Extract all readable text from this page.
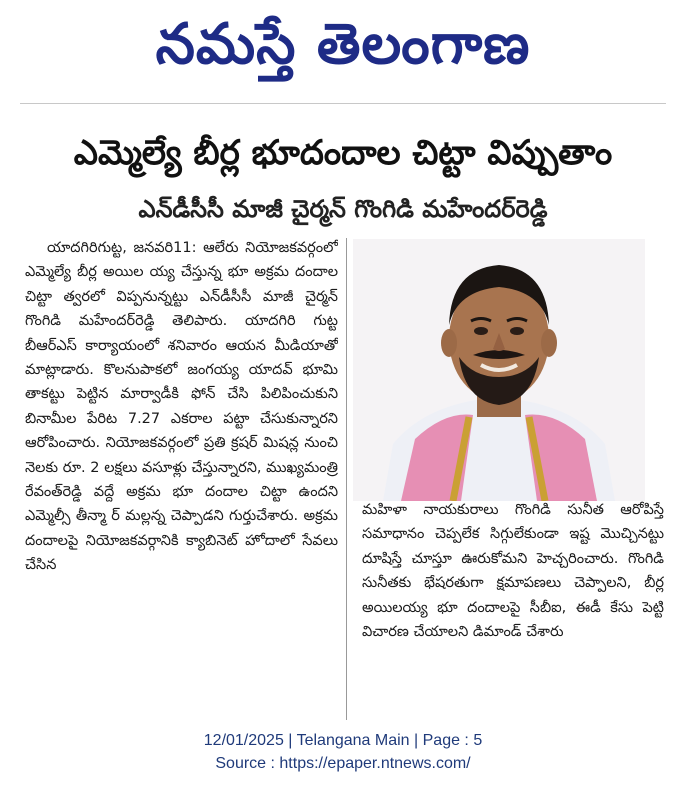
నమస్తే తెలంగాణ
ఎమ్మెల్యే బీర్ల భూదందాల చిట్టా విప్పుతాం
ఎన్‌డీసీసీ మాజీ చైర్మన్ గొంగిడి మహేందర్‌రెడ్డి

యాదగిరిగుట్ట, జనవరి11: ఆలేరు నియోజకవర్గంలో ఎమ్మెల్యే బీర్ల అయిల య్య చేస్తున్న భూ అక్రమ దందాల చిట్టా త్వరలో విప్పనున్నట్టు ఎన్‌డీసీసీ మాజీ చైర్మన్ గొంగిడి మహేందర్‌రెడ్డి తెలిపారు. యాదగిరి గుట్ట బీఆర్‌ఎస్ కార్యాయంలో శనివారం ఆయన మీడియాతో మాట్లాడారు. కొలనుపాకలో జంగయ్య యాదవ్ భూమి తాకట్టు పెట్టిన మార్వాడీకి ఫోన్ చేసి పిలిపించుకుని బినామీల పేరిట 7.27 ఎకరాల పట్టా చేసుకున్నారని ఆరోపించారు. నియోజకవర్గంలో ప్రతి క్రషర్ మిషన్ల నుంచి నెలకు రూ. 2 లక్షలు వసూళ్లు చేస్తున్నారని, ముఖ్యమంత్రి రేవంత్‌రెడ్డి వద్దే అక్రమ భూ దందాల చిట్టా ఉందని ఎమ్మెల్సీ తీన్మా ర్ మల్లన్న చెప్పాడని గుర్తుచేశారు. అక్రమ దందాలపై నియోజకవర్గానికి క్యాబినెట్ హోదాలో సేవలు చేసిన

మహిళా నాయకురాలు గొంగిడి సునీత ఆరోపిస్తే సమాధానం చెప్పలేక సిగ్గులేకుండా ఇష్ట మొచ్చినట్టు దూషిస్తే చూస్తూ ఊరుకోమని హెచ్చరించారు. గొంగిడి సునీతకు భేషరతుగా క్షమాపణలు చెప్పాలని, బీర్ల అయిలయ్య భూ దందాలపై సీబీఐ, ఈడీ కేసు పెట్టి విచారణ చేయాలని డిమాండ్ చేశారు

12/01/2025 | Telangana Main | Page : 5
Source : https://epaper.ntnews.com/
